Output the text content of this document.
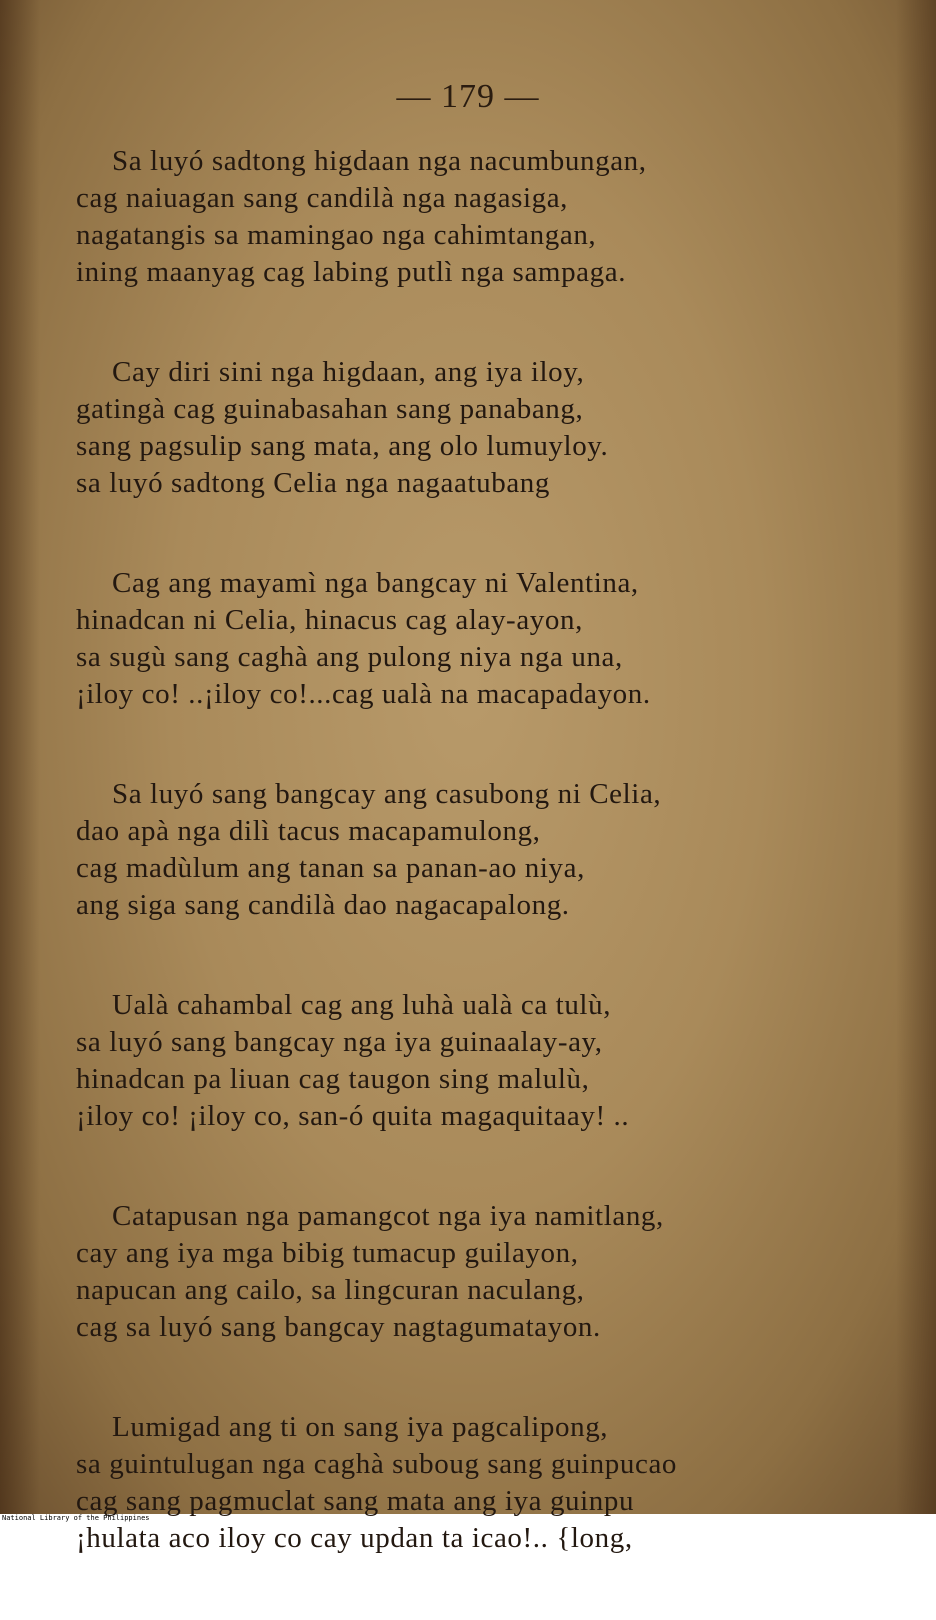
— 179 —
Sa luyó sadtong higdaan nga nacumbungan,
cag naiuagan sang candilà nga nagasiga,
nagatangis sa mamingao nga cahimtangan,
ining maanyag cag labing putlì nga sampaga.
Cay diri sini nga higdaan, ang iya iloy,
gatingà cag guinabasahan sang panabang,
sang pagsulip sang mata, ang olo lumuyloy.
sa luyó sadtong Celia nga nagaatubang
Cag ang mayamì nga bangcay ni Valentina,
hinadcan ni Celia, hinacus cag alay-ayon,
sa sugù sang caghà ang pulong niya nga una,
¡iloy co! ..¡iloy co!...cag ualà na macapadayon.
Sa luyó sang bangcay ang casubong ni Celia,
dao apà nga dilì tacus macapamulong,
cag madùlum ang tanan sa panan-ao niya,
ang siga sang candilà dao nagacapalong.
Ualà cahambal cag ang luhà ualà ca tulù,
sa luyó sang bangcay nga iya guinaalay-ay,
hinadcan pa liuan cag taugon sing malulù,
¡iloy co! ¡iloy co, san-ó quita magaquitaay! ..
Catapusan nga pamangcot nga iya namitlang,
cay ang iya mga bibig tumacup guilayon,
napucan ang cailo, sa lingcuran naculang,
cag sa luyó sang bangcay nagtagumatayon.
Lumigad ang ti on sang iya pagcalipong,
sa guintulugan nga caghà suboug sang guinpucao
cag sang pagmuclat sang mata ang iya guinpu
¡hulata aco iloy co cay updan ta icao!.. {long,
National Library of the Philippines
